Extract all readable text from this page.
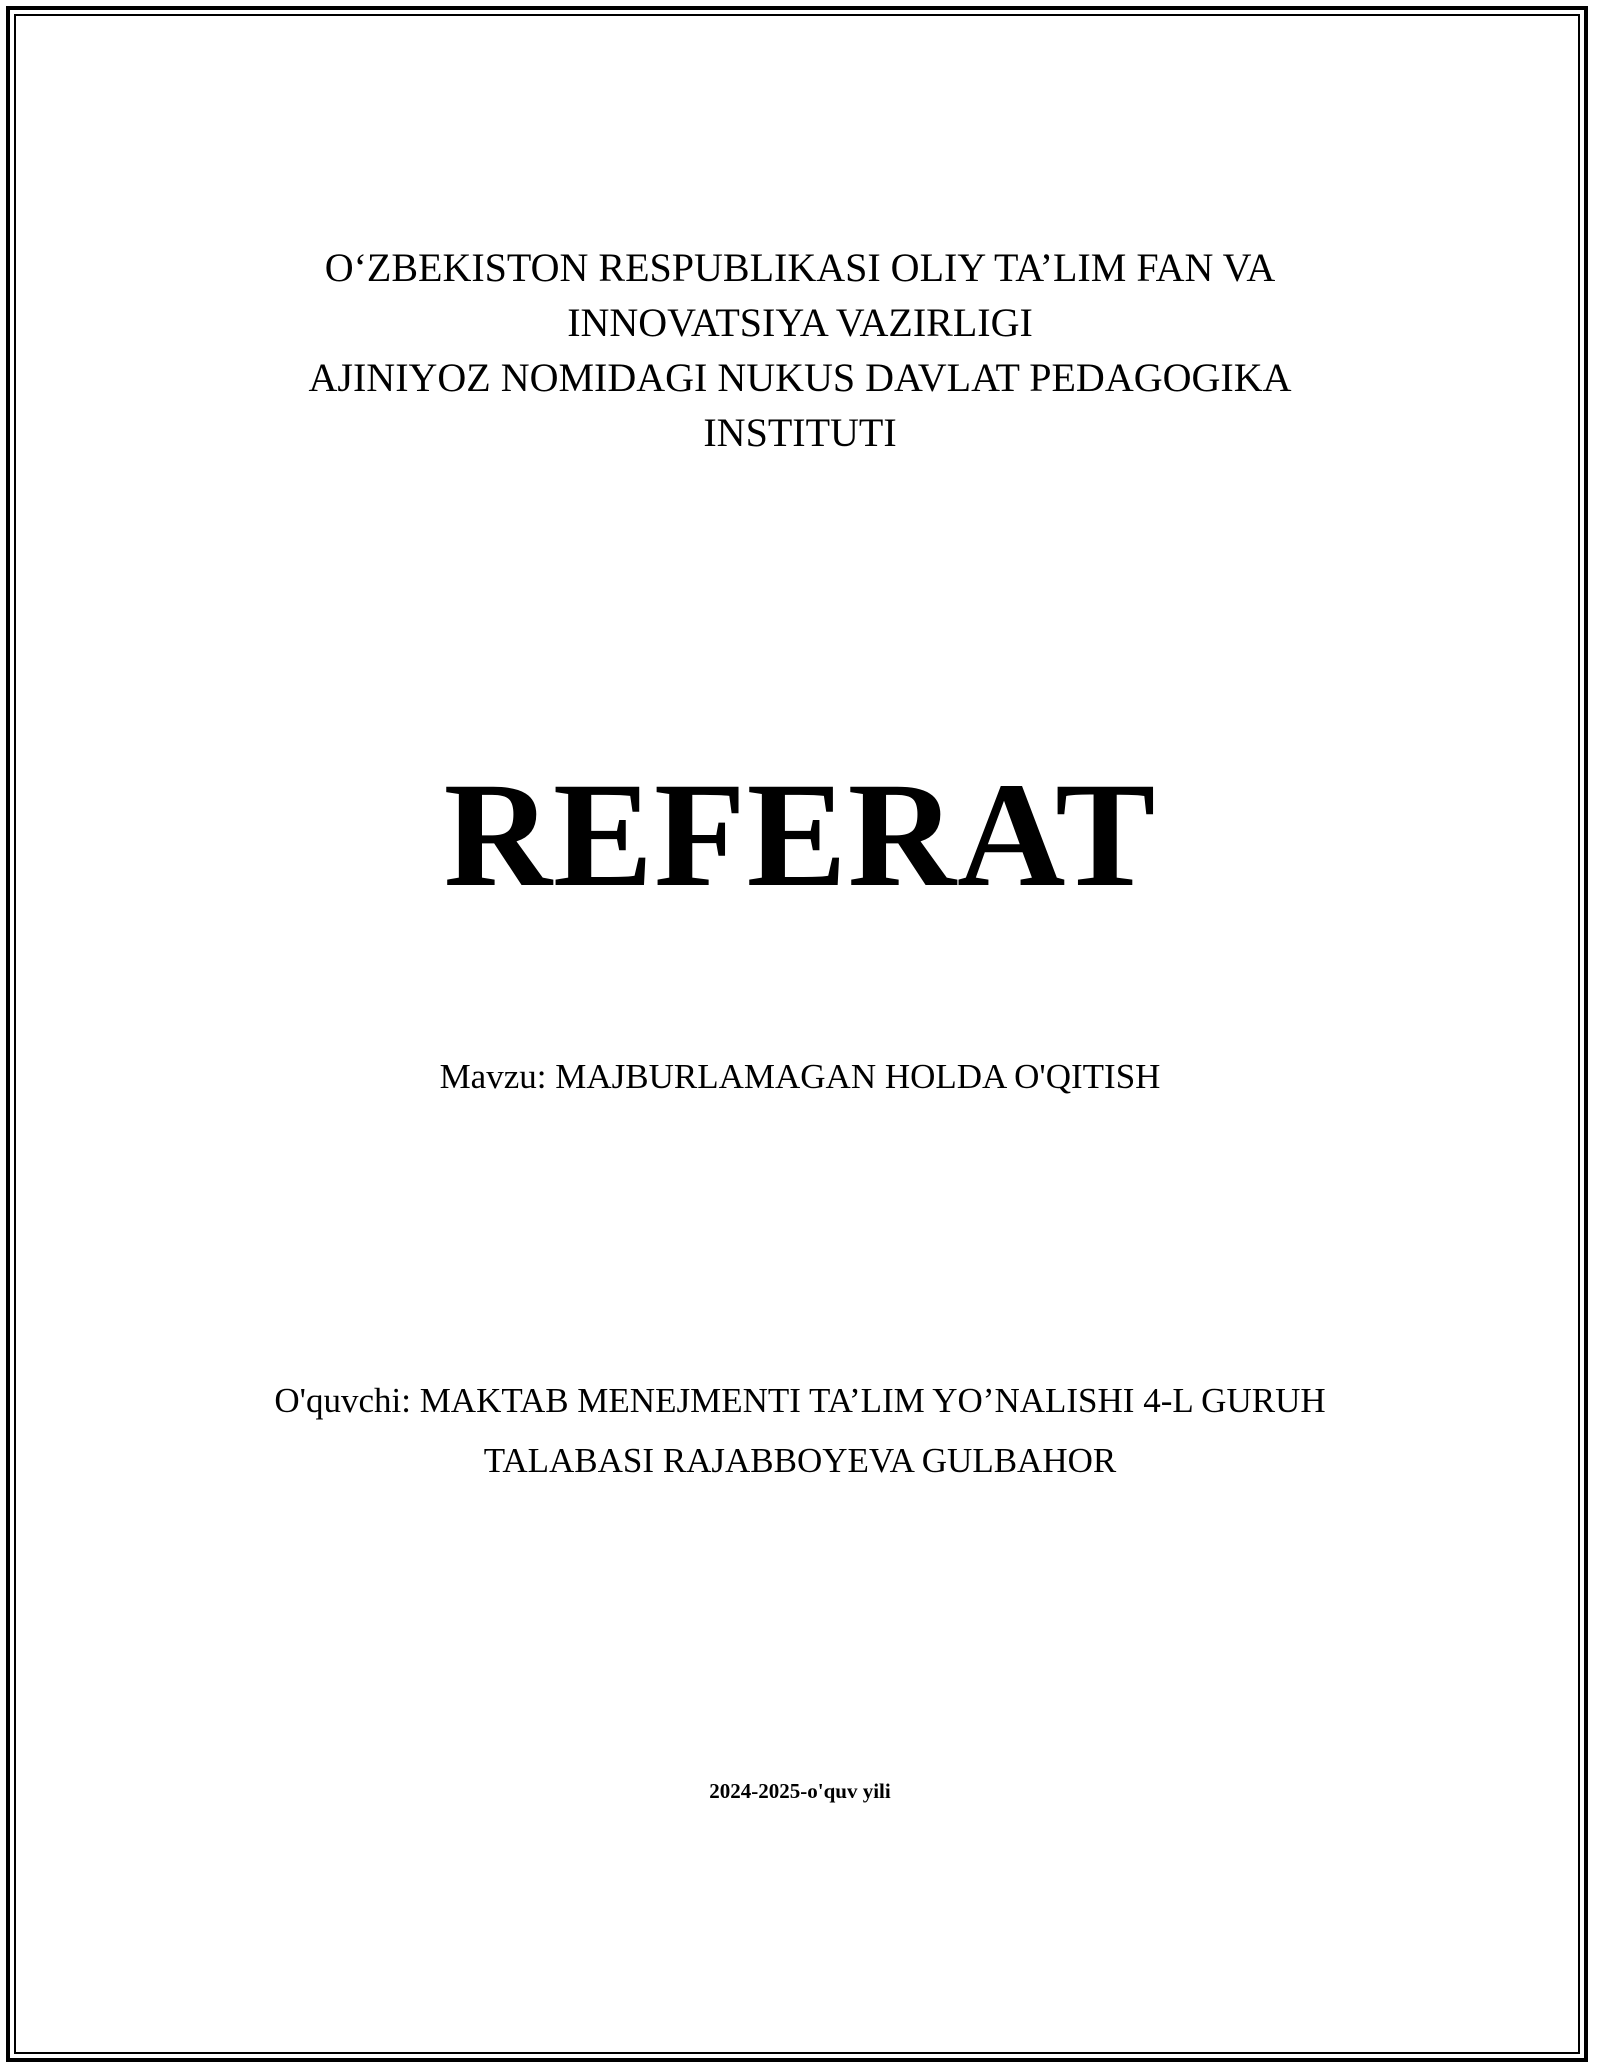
O‘ZBEKISTON RESPUBLIKASI OLIY TA’LIM FAN VA
INNOVATSIYA VAZIRLIGI
AJINIYOZ NOMIDAGI NUKUS DAVLAT PEDAGOGIKA
INSTITUTI
REFERAT
Mavzu: MAJBURLAMAGAN HOLDA O'QITISH
O'quvchi: MAKTAB MENEJMENTI TA’LIM YO’NALISHI 4-L GURUH
TALABASI RAJABBOYEVA GULBAHOR
2024-2025-o'quv yili
